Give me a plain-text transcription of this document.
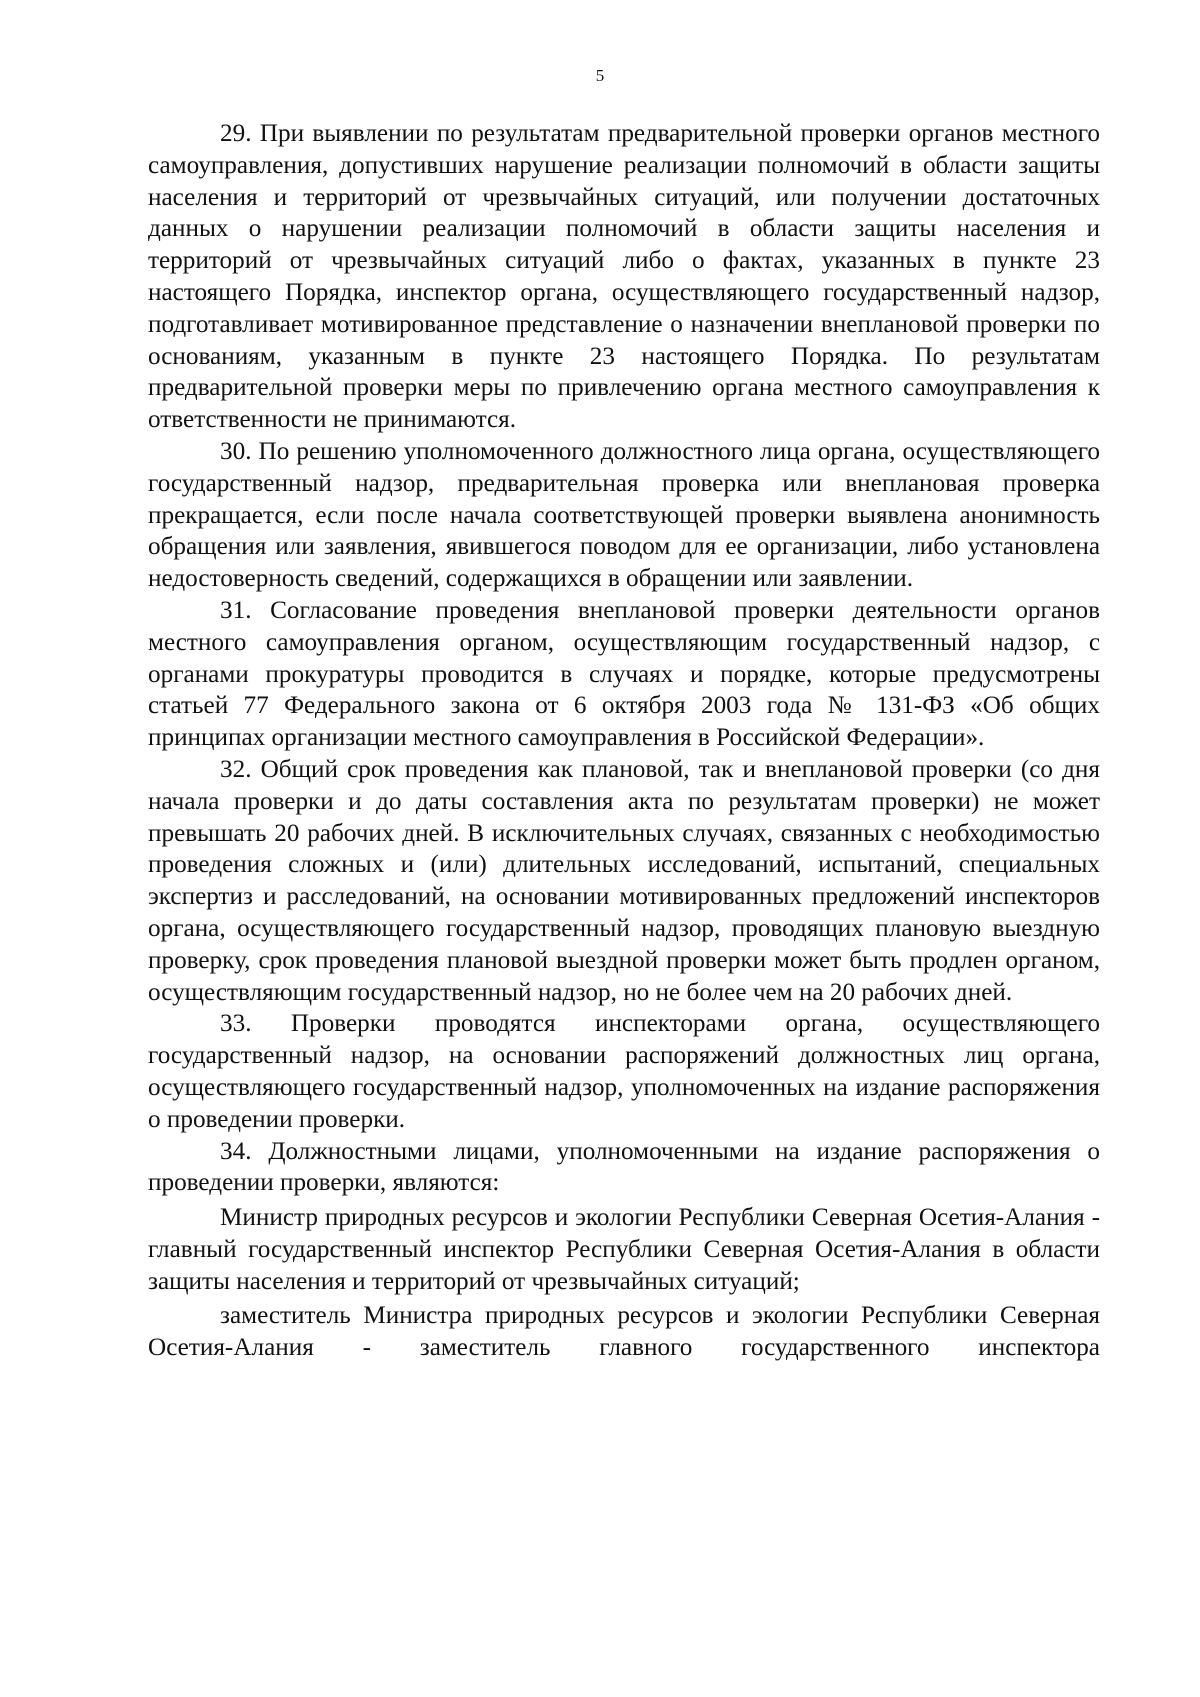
5

29. При выявлении по результатам предварительной проверки органов местного самоуправления, допустивших нарушение реализации полномочий в области защиты населения и территорий от чрезвычайных ситуаций, или получении достаточных данных о нарушении реализации полномочий в области защиты населения и территорий от чрезвычайных ситуаций либо о фактах, указанных в пункте 23 настоящего Порядка, инспектор органа, осуществляющего государственный надзор, подготавливает мотивированное представление о назначении внеплановой проверки по основаниям, указанным в пункте 23 настоящего Порядка. По результатам предварительной проверки меры по привлечению органа местного самоуправления к ответственности не принимаются.

30. По решению уполномоченного должностного лица органа, осуществляющего государственный надзор, предварительная проверка или внеплановая проверка прекращается, если после начала соответствующей проверки выявлена анонимность обращения или заявления, явившегося поводом для ее организации, либо установлена недостоверность сведений, содержащихся в обращении или заявлении.

31. Согласование проведения внеплановой проверки деятельности органов местного самоуправления органом, осуществляющим государственный надзор, с органами прокуратуры проводится в случаях и порядке, которые предусмотрены статьей 77 Федерального закона от 6 октября 2003 года № 131-ФЗ «Об общих принципах организации местного самоуправления в Российской Федерации».

32. Общий срок проведения как плановой, так и внеплановой проверки (со дня начала проверки и до даты составления акта по результатам проверки) не может превышать 20 рабочих дней. В исключительных случаях, связанных с необходимостью проведения сложных и (или) длительных исследований, испытаний, специальных экспертиз и расследований, на основании мотивированных предложений инспекторов органа, осуществляющего государственный надзор, проводящих плановую выездную проверку, срок проведения плановой выездной проверки может быть продлен органом, осуществляющим государственный надзор, но не более чем на 20 рабочих дней.

33. Проверки проводятся инспекторами органа, осуществляющего государственный надзор, на основании распоряжений должностных лиц органа, осуществляющего государственный надзор, уполномоченных на издание распоряжения о проведении проверки.

34. Должностными лицами, уполномоченными на издание распоряжения о проведении проверки, являются:

Министр природных ресурсов и экологии Республики Северная Осетия-Алания - главный государственный инспектор Республики Северная Осетия-Алания в области защиты населения и территорий от чрезвычайных ситуаций;

заместитель Министра природных ресурсов и экологии Республики Северная Осетия-Алания - заместитель главного государственного инспектора
